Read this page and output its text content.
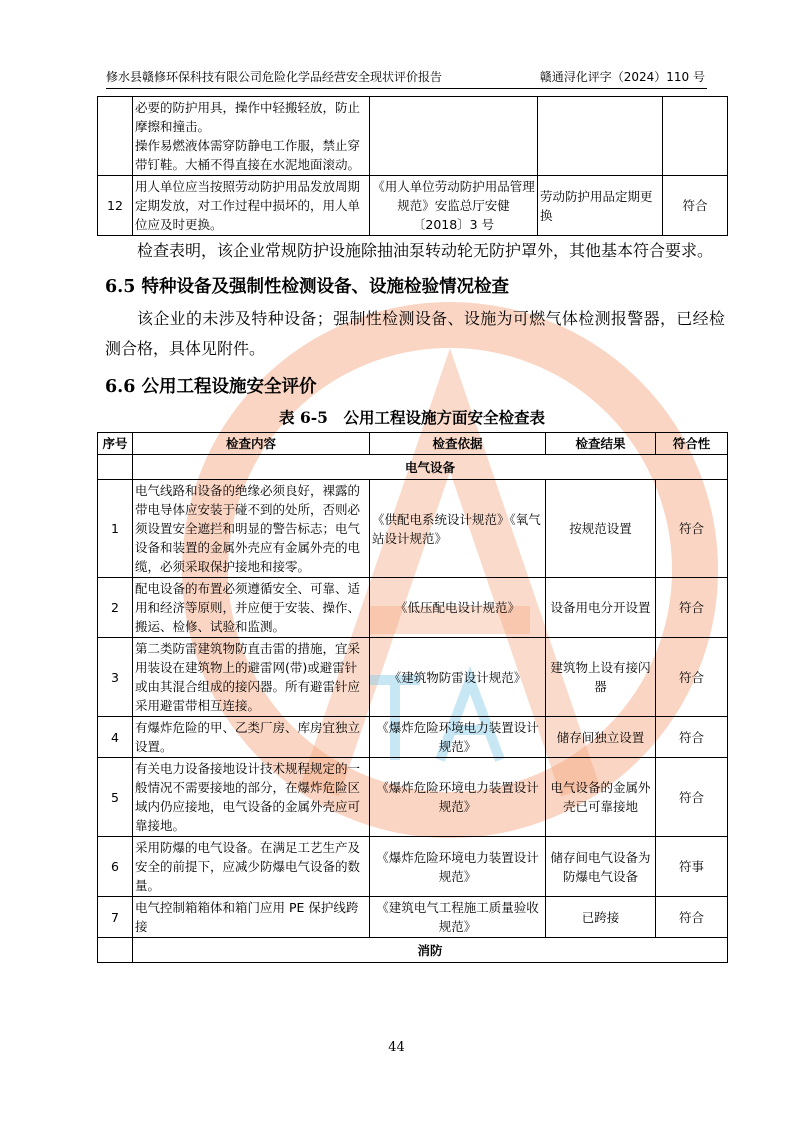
修水县赣修环保科技有限公司危险化学品经营安全现状评价报告	赣通浔化评字（2024）110 号
	必要的防护用具，操作中轻搬轻放，防止摩擦和撞击。
操作易燃液体需穿防静电工作服，禁止穿带钉鞋。大桶不得直接在水泥地面滚动。			
12	用人单位应当按照劳动防护用品发放周期定期发放，对工作过程中损坏的，用人单位应及时更换。	《用人单位劳动防护用品管理规范》安监总厅安健〔2018〕3 号	劳动防护用品定期更换	符合

检查表明，该企业常规防护设施除抽油泵转动轮无防护罩外，其他基本符合要求。

6.5 特种设备及强制性检测设备、设施检验情况检查

该企业的未涉及特种设备；强制性检测设备、设施为可燃气体检测报警器，已经检测合格，具体见附件。

6.6 公用工程设施安全评价
表 6-5　公用工程设施方面安全检查表
序号	检查内容	检查依据	检查结果	符合性
	电气设备			
1	电气线路和设备的绝缘必须良好，裸露的带电导体应安装于碰不到的处所，否则必须设置安全遮拦和明显的警告标志；电气设备和装置的金属外壳应有金属外壳的电缆，必须采取保护接地和接零。	《供配电系统设计规范》《氧气站设计规范》	按规范设置	符合
2	配电设备的布置必须遵循安全、可靠、适用和经济等原则，并应便于安装、操作、搬运、检修、试验和监测。	《低压配电设计规范》	设备用电分开设置	符合
3	第二类防雷建筑物防直击雷的措施，宜采用装设在建筑物上的避雷网(带)或避雷针或由其混合组成的接闪器。所有避雷针应采用避雷带相互连接。	《建筑物防雷设计规范》	建筑物上设有接闪器	符合
4	有爆炸危险的甲、乙类厂房、库房宜独立设置。	《爆炸危险环境电力装置设计规范》	储存间独立设置	符合
5	有关电力设备接地设计技术规程规定的一般情况不需要接地的部分，在爆炸危险区域内仍应接地，电气设备的金属外壳应可靠接地。	《爆炸危险环境电力装置设计规范》	电气设备的金属外壳已可靠接地	符合
6	采用防爆的电气设备。在满足工艺生产及安全的前提下，应减少防爆电气设备的数量。	《爆炸危险环境电力装置设计规范》	储存间电气设备为防爆电气设备	符事
7	电气控制箱箱体和箱门应用 PE 保护线跨接	《建筑电气工程施工质量验收规范》	已跨接	符合
	消防			
44
